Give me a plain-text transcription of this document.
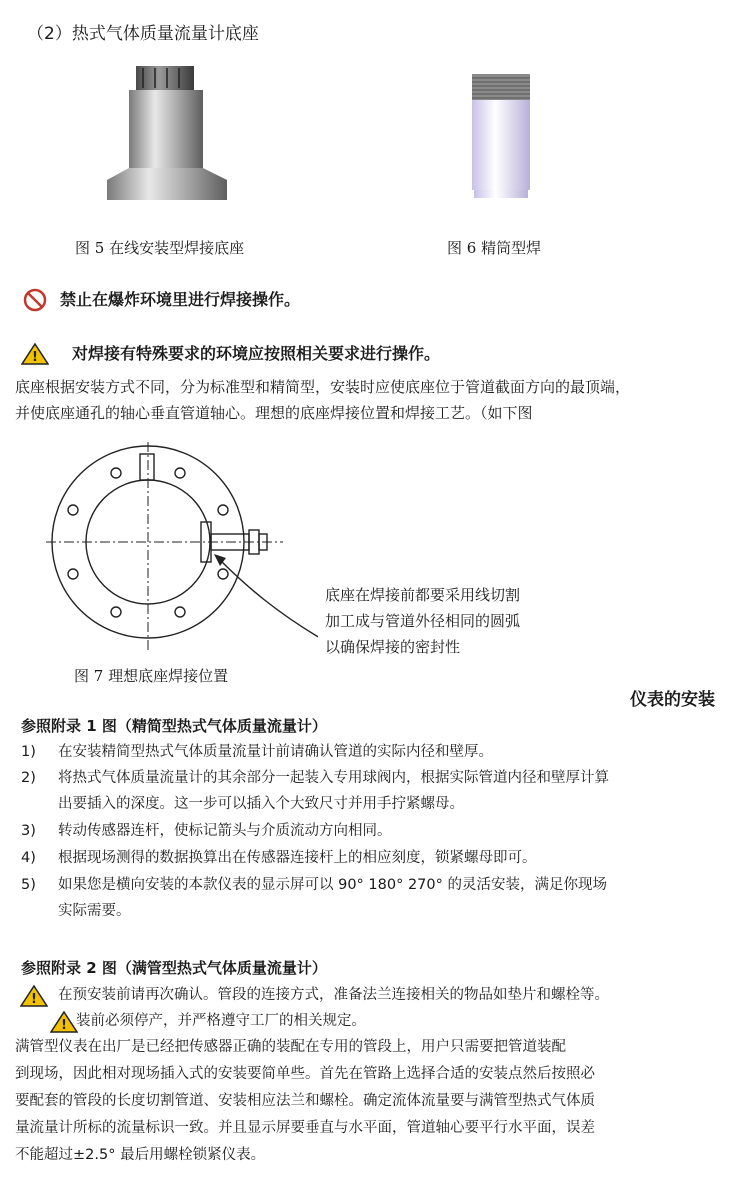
（2）热式气体质量流量计底座
图 5 在线安装型焊接底座	图 6 精筒型焊
禁止在爆炸环境里进行焊接操作。
! 对焊接有特殊要求的环境应按照相关要求进行操作。
底座根据安装方式不同，分为标准型和精简型，安装时应使底座位于管道截面方向的最顶端，
并使底座通孔的轴心垂直管道轴心。理想的底座焊接位置和焊接工艺。（如下图
底座在焊接前都要采用线切割
加工成与管道外径相同的圆弧
以确保焊接的密封性
图 7 理想底座焊接位置
仪表的安装
参照附录 1 图（精简型热式气体质量流量计）
1) 在安装精简型热式气体质量流量计前请确认管道的实际内径和壁厚。
2) 将热式气体质量流量计的其余部分一起装入专用球阀内，根据实际管道内径和壁厚计算
出要插入的深度。这一步可以插入个大致尺寸并用手拧紧螺母。
3) 转动传感器连杆，使标记箭头与介质流动方向相同。
4) 根据现场测得的数据换算出在传感器连接杆上的相应刻度，锁紧螺母即可。
5) 如果您是横向安装的本款仪表的显示屏可以 90° 180° 270° 的灵活安装，满足你现场
实际需要。
参照附录 2 图（满管型热式气体质量流量计）
! 在预安装前请再次确认。管段的连接方式，准备法兰连接相关的物品如垫片和螺栓等。
! 装前必须停产，并严格遵守工厂的相关规定。
满管型仪表在出厂是已经把传感器正确的装配在专用的管段上，用户只需要把管道装配
到现场，因此相对现场插入式的安装要简单些。首先在管路上选择合适的安装点然后按照必
要配套的管段的长度切割管道、安装相应法兰和螺栓。确定流体流量要与满管型热式气体质
量流量计所标的流量标识一致。并且显示屏要垂直与水平面，管道轴心要平行水平面，误差
不能超过±2.5° 最后用螺栓锁紧仪表。
